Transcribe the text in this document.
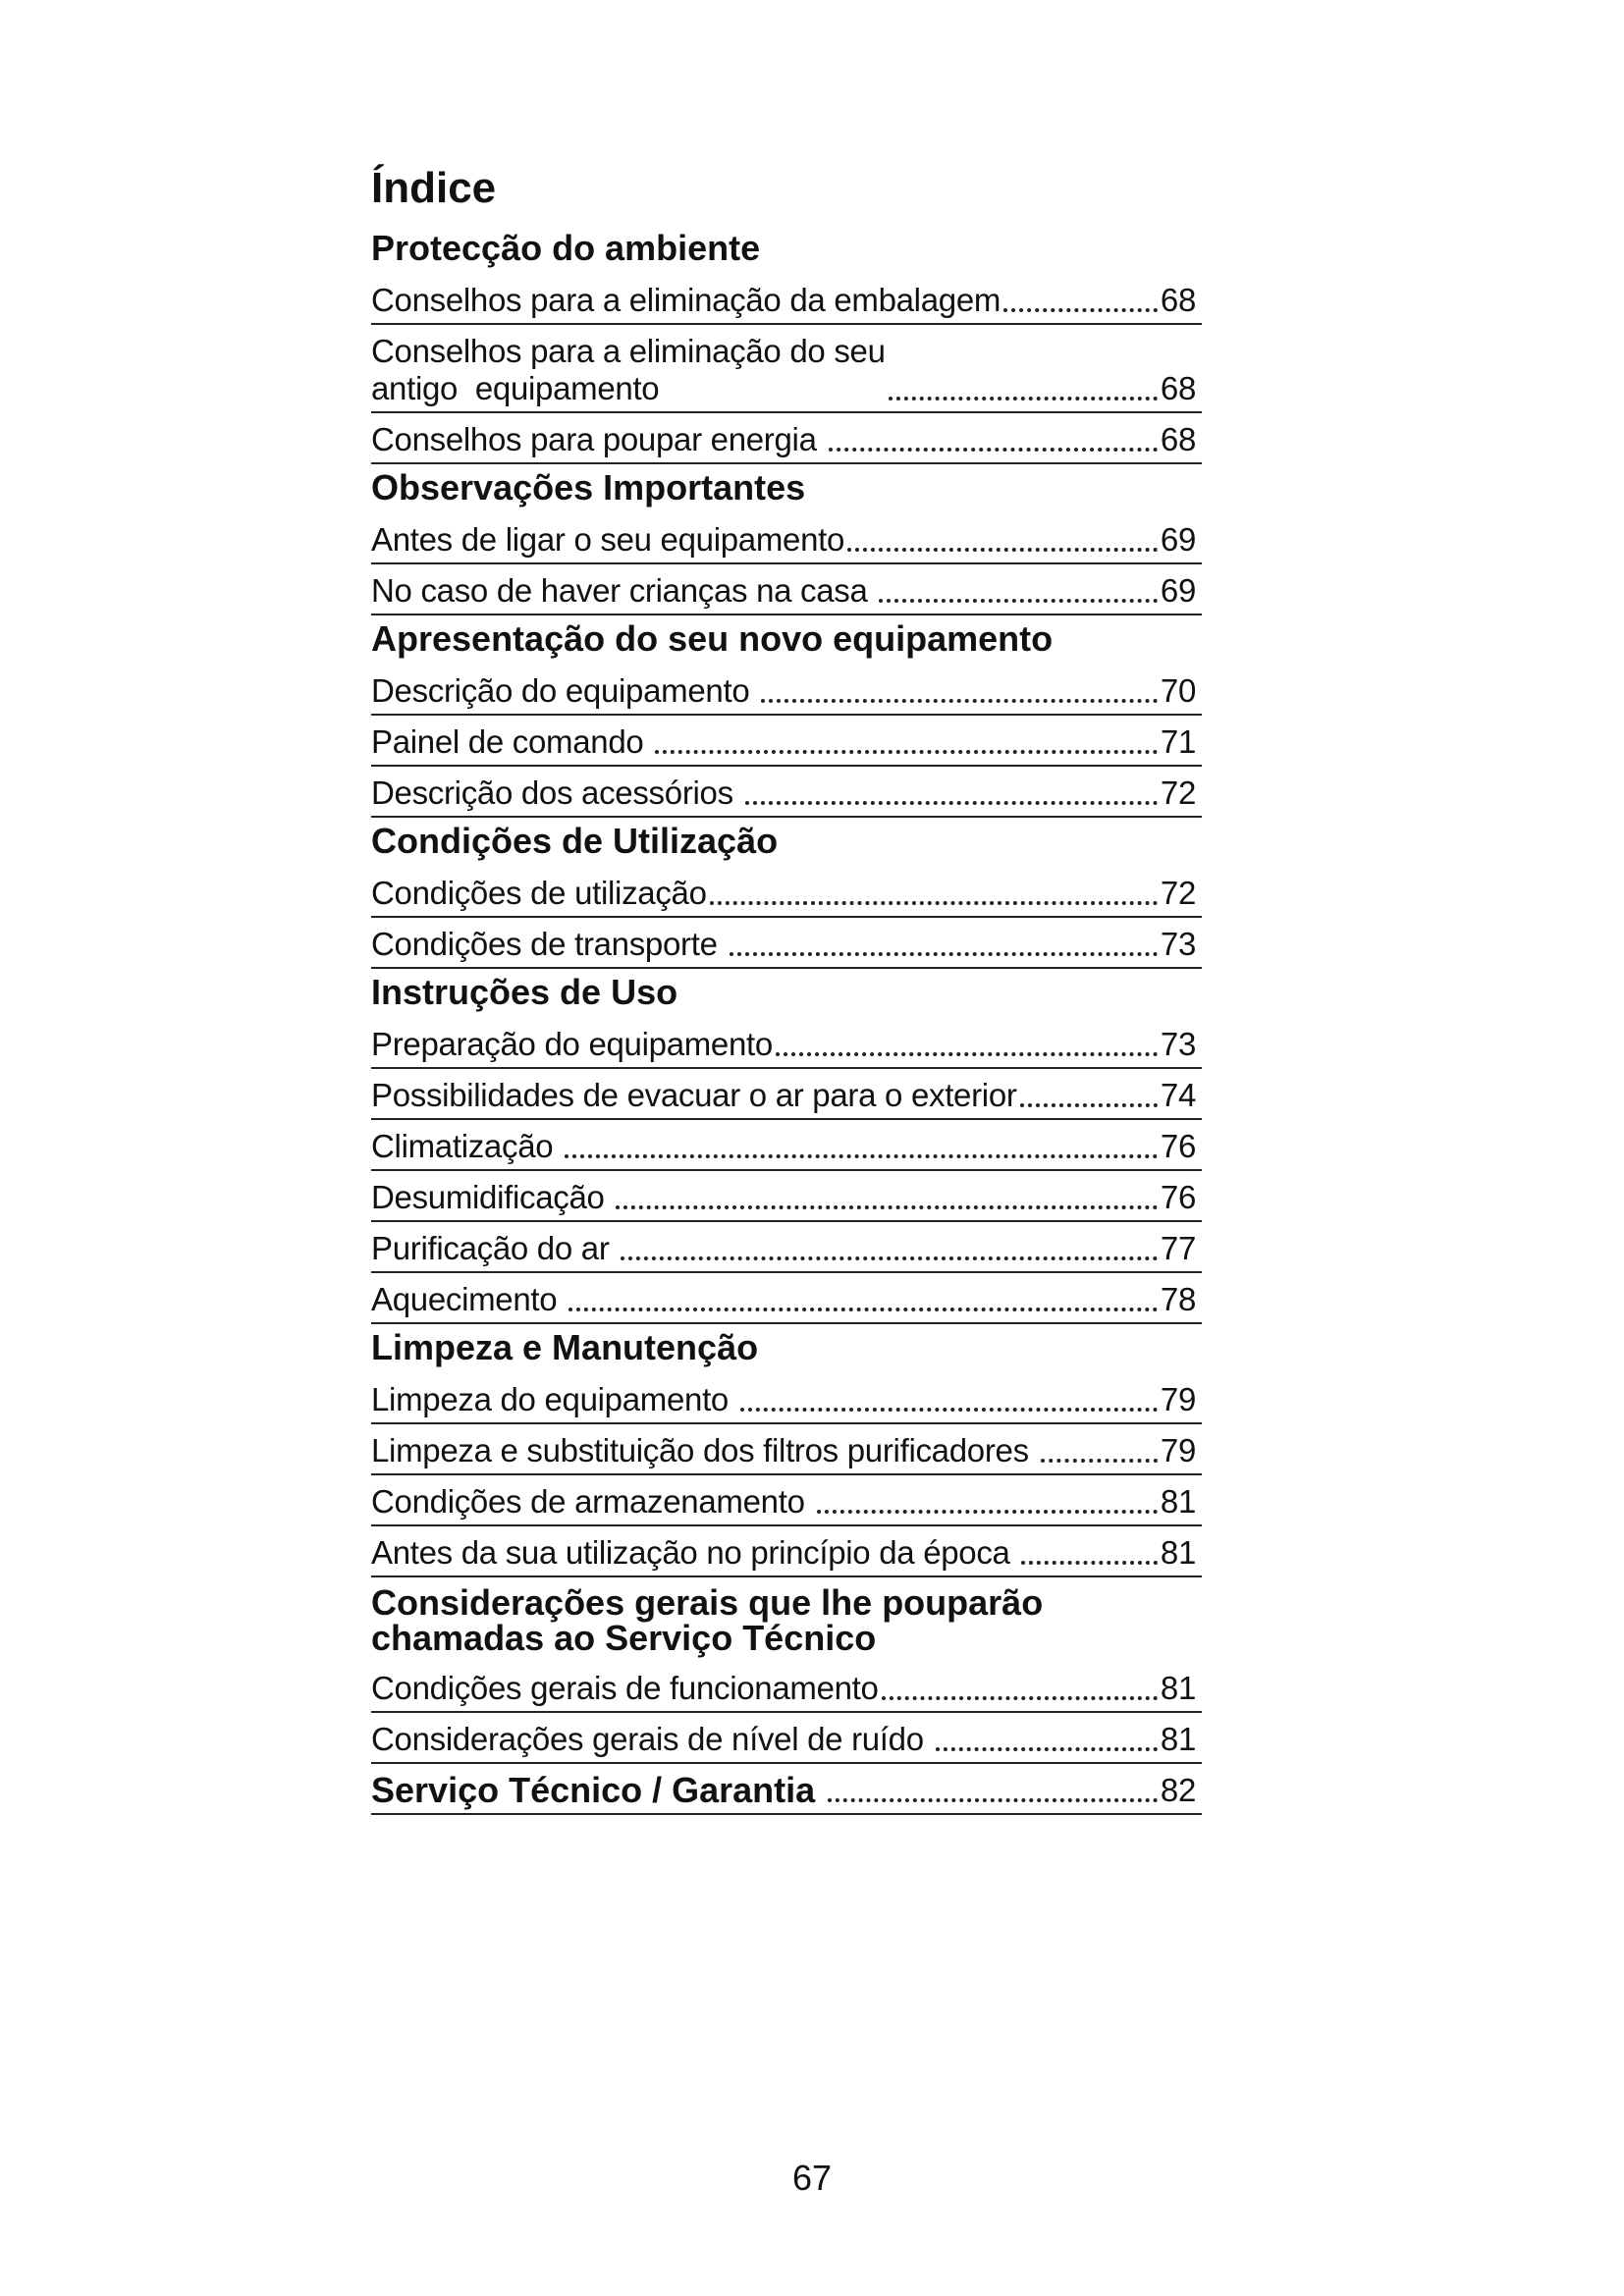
Índice
Protecção do ambiente
Conselhos para a eliminação da embalagem	68
Conselhos para a eliminação do seu
antigo  equipamento	68
Conselhos para poupar energia	68
Observações Importantes
Antes de ligar o seu equipamento	69
No caso de haver crianças na casa	69
Apresentação do seu novo equipamento
Descrição do equipamento	70
Painel de comando	71
Descrição dos acessórios	72
Condições de Utilização
Condições de utilização	72
Condições de transporte	73
Instruções de Uso
Preparação do equipamento	73
Possibilidades de evacuar o ar para o exterior	74
Climatização	76
Desumidificação	76
Purificação do ar	77
Aquecimento	78
Limpeza e Manutenção
Limpeza do equipamento	79
Limpeza e substituição dos filtros purificadores	79
Condições de armazenamento	81
Antes da sua utilização no princípio da época	81
Considerações gerais que lhe pouparão
chamadas ao Serviço Técnico
Condições gerais de funcionamento	81
Considerações gerais de nível de ruído	81
Serviço Técnico / Garantia	82
67
